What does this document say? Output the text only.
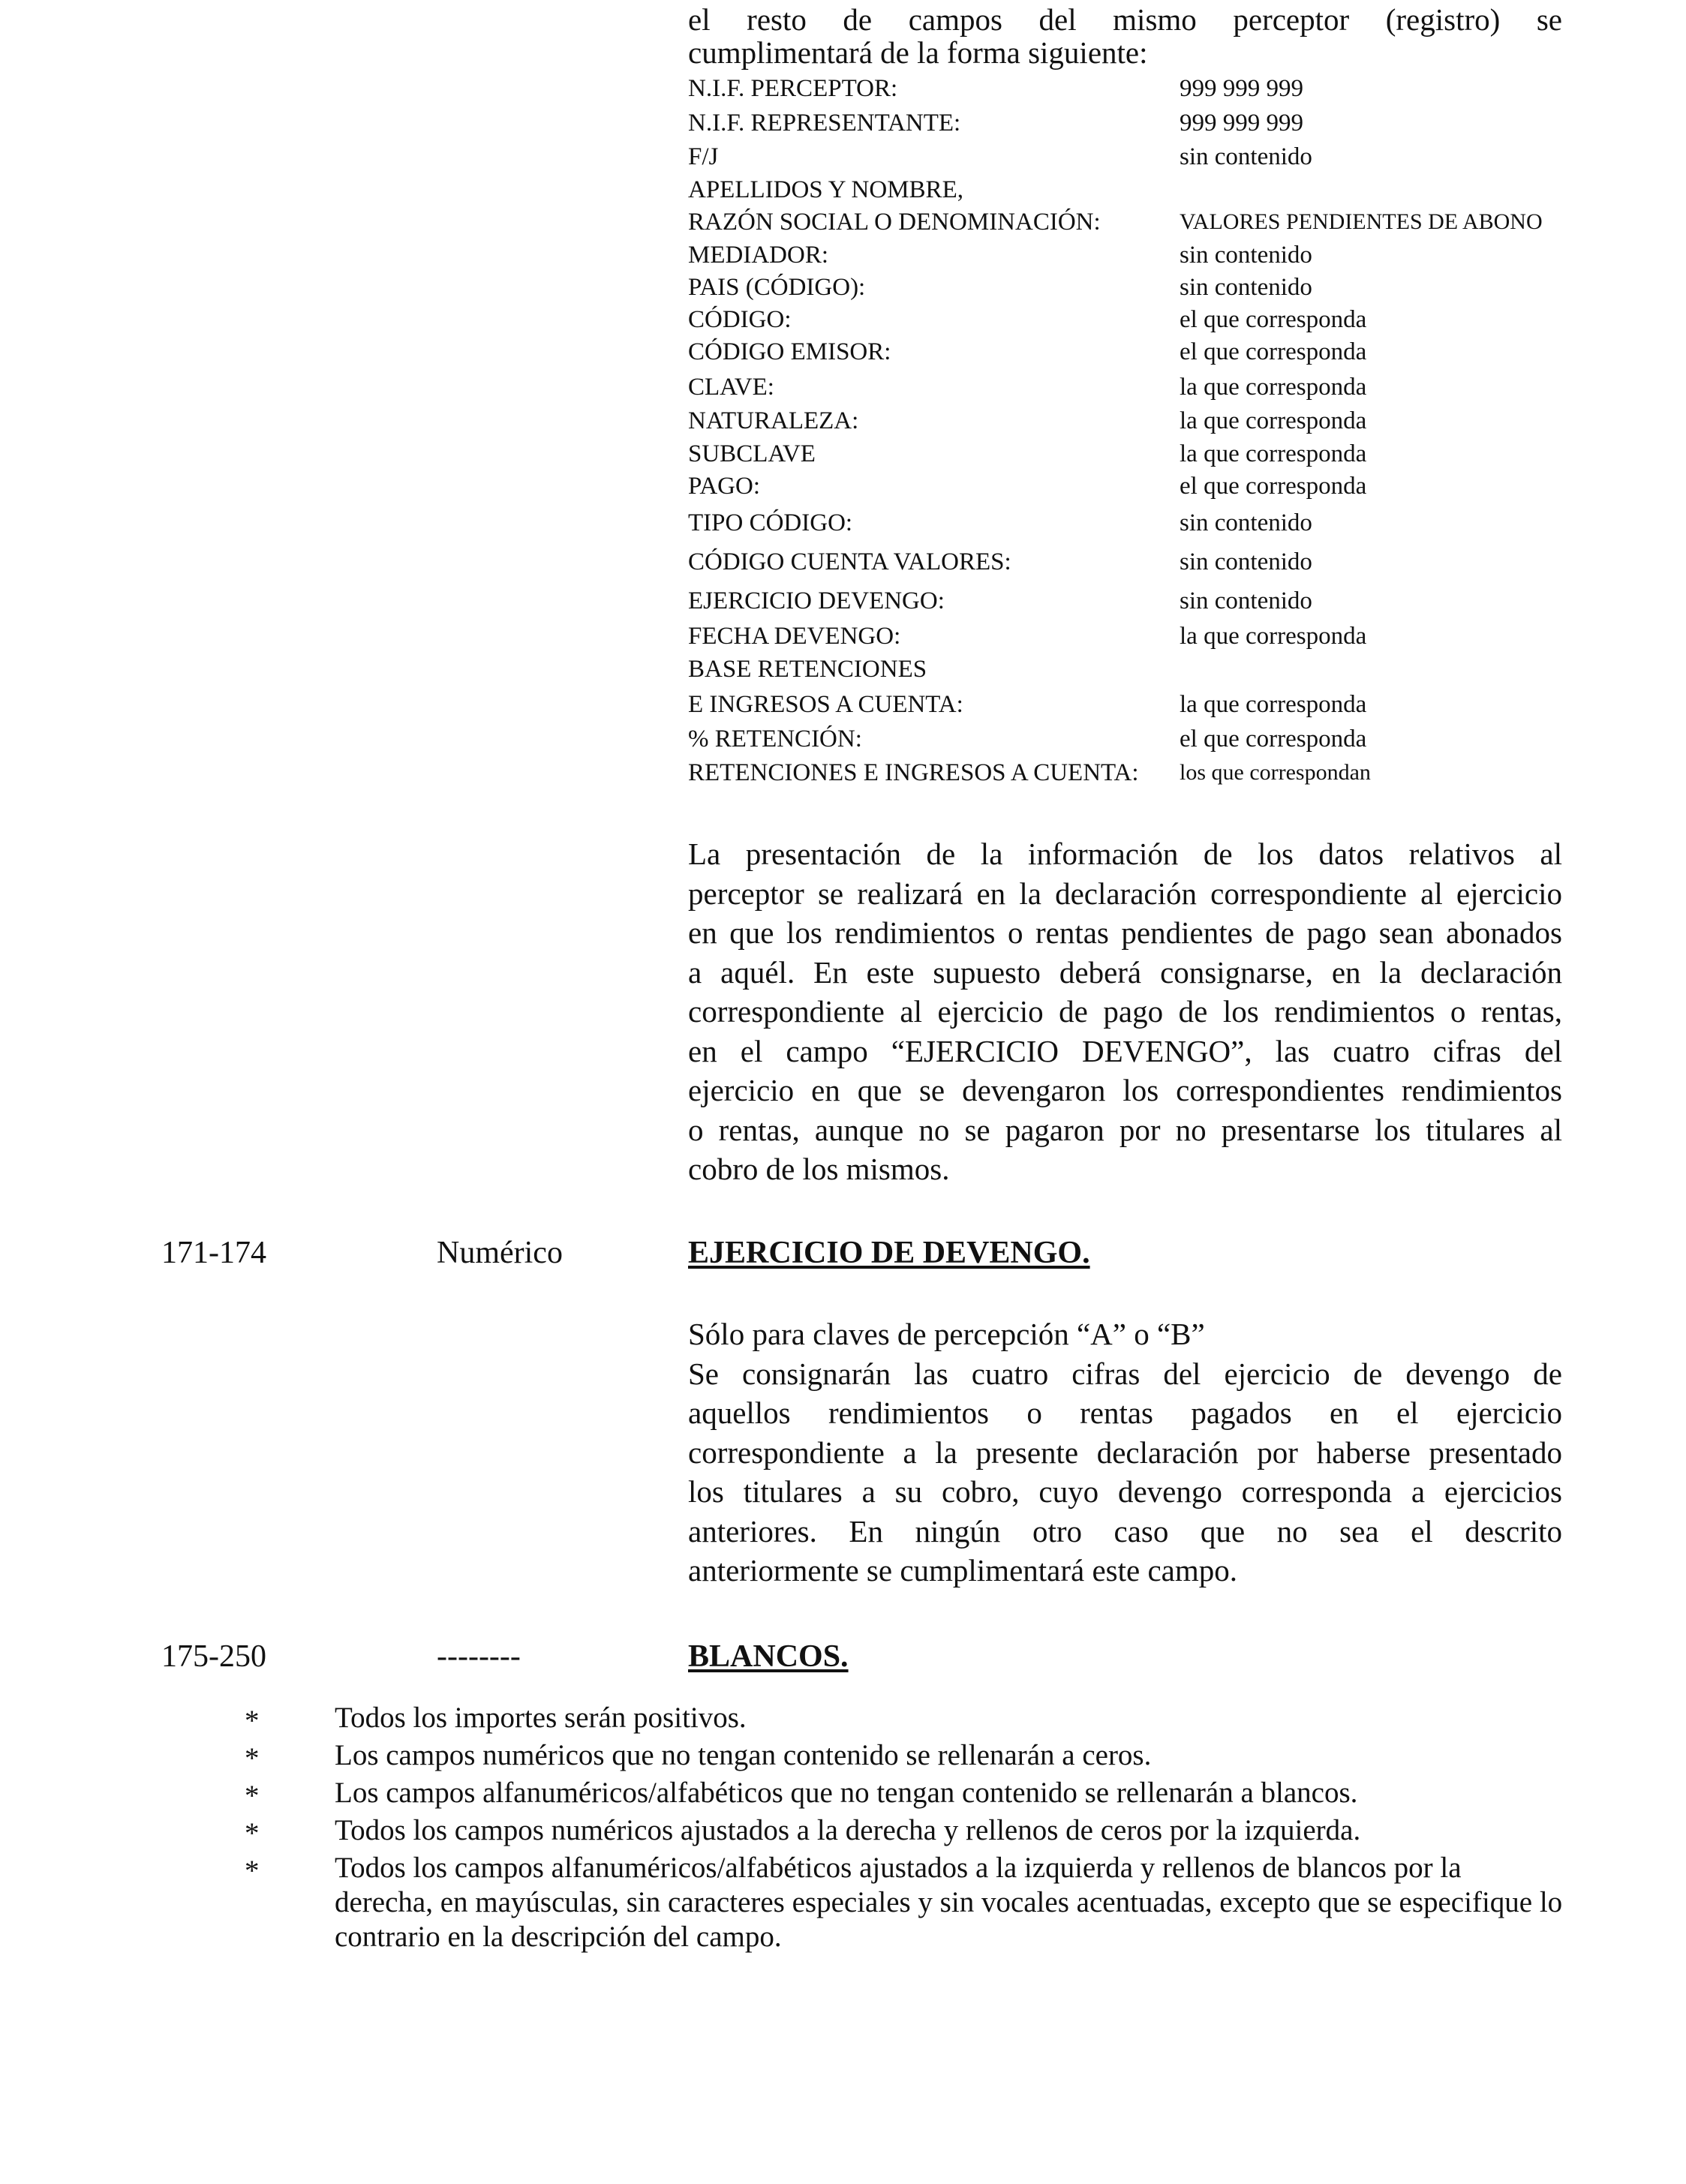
el resto de campos del mismo perceptor (registro) se
cumplimentará de la forma siguiente:
N.I.F. PERCEPTOR:	999 999 999
N.I.F. REPRESENTANTE:	999 999 999
F/J	sin contenido
APELLIDOS Y NOMBRE,
RAZÓN SOCIAL O DENOMINACIÓN:	VALORES PENDIENTES DE ABONO
MEDIADOR:	sin contenido
PAIS (CÓDIGO):	sin contenido
CÓDIGO:	el que corresponda
CÓDIGO EMISOR:	el que corresponda
CLAVE:	la que corresponda
NATURALEZA:	la que corresponda
SUBCLAVE	la que corresponda
PAGO:	el que corresponda
TIPO CÓDIGO:	sin contenido
CÓDIGO CUENTA VALORES:	sin contenido
EJERCICIO DEVENGO:	sin contenido
FECHA DEVENGO:	la que corresponda
BASE RETENCIONES
E INGRESOS A CUENTA:	la que corresponda
% RETENCIÓN:	el que corresponda
RETENCIONES E INGRESOS A CUENTA: los que correspondan
La presentación de la información de los datos relativos al
perceptor se realizará en la declaración correspondiente al ejercicio
en que los rendimientos o rentas pendientes de pago sean abonados
a aquél. En este supuesto deberá consignarse, en la declaración
correspondiente al ejercicio de pago de los rendimientos o rentas,
en el campo “EJERCICIO DEVENGO”, las cuatro cifras del
ejercicio en que se devengaron los correspondientes rendimientos
o rentas, aunque no se pagaron por no presentarse los titulares al
cobro de los mismos.
171-174	Numérico	EJERCICIO DE DEVENGO.
Sólo para claves de percepción “A” o “B”
Se consignarán las cuatro cifras del ejercicio de devengo de
aquellos rendimientos o rentas pagados en el ejercicio
correspondiente a la presente declaración por haberse presentado
los titulares a su cobro, cuyo devengo corresponda a ejercicios
anteriores. En ningún otro caso que no sea el descrito
anteriormente se cumplimentará este campo.
175-250	--------	BLANCOS.
*	Todos los importes serán positivos.
*	Los campos numéricos que no tengan contenido se rellenarán a ceros.
*	Los campos alfanuméricos/alfabéticos que no tengan contenido se rellenarán a blancos.
*	Todos los campos numéricos ajustados a la derecha y rellenos de ceros por la izquierda.
*	Todos los campos alfanuméricos/alfabéticos ajustados a la izquierda y rellenos de blancos por la derecha, en mayúsculas, sin caracteres especiales y sin vocales acentuadas, excepto que se especifique lo contrario en la descripción del campo.
